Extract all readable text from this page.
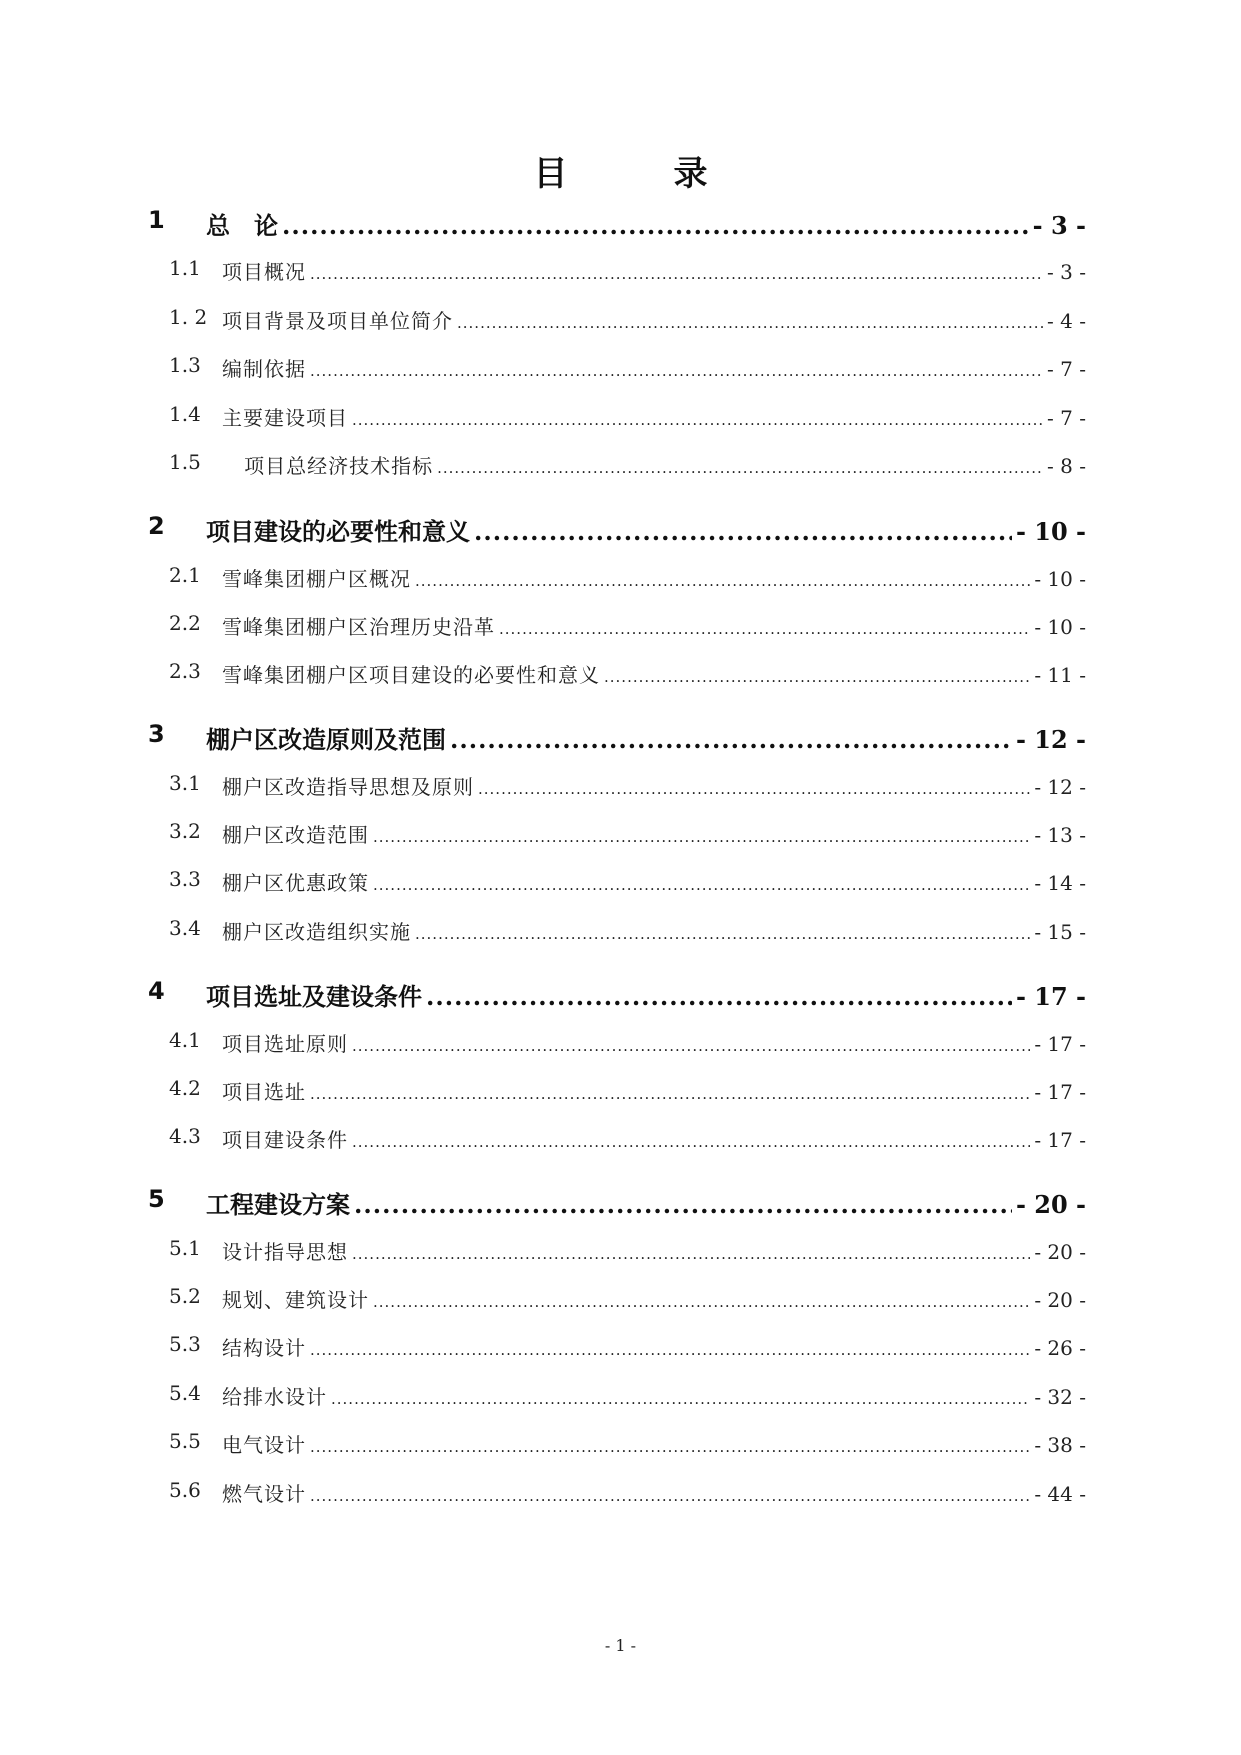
目　录
1 总　论 .....	- 3 -
1.1 项目概况 .....	- 3 -
1. 2 项目背景及项目单位简介 .....	- 4 -
1.3 编制依据 .....	- 7 -
1.4 主要建设项目 .....	- 7 -
1.5 项目总经济技术指标 .....	- 8 -
2 项目建设的必要性和意义 .....	- 10 -
2.1 雪峰集团棚户区概况 .....	- 10 -
2.2 雪峰集团棚户区治理历史沿革 .....	- 10 -
2.3 雪峰集团棚户区项目建设的必要性和意义 .....	- 11 -
3 棚户区改造原则及范围 .....	- 12 -
3.1 棚户区改造指导思想及原则 .....	- 12 -
3.2 棚户区改造范围 .....	- 13 -
3.3 棚户区优惠政策 .....	- 14 -
3.4 棚户区改造组织实施 .....	- 15 -
4 项目选址及建设条件 .....	- 17 -
4.1 项目选址原则 .....	- 17 -
4.2 项目选址 .....	- 17 -
4.3 项目建设条件 .....	- 17 -
5 工程建设方案 .....	- 20 -
5.1 设计指导思想 .....	- 20 -
5.2 规划、建筑设计 .....	- 20 -
5.3 结构设计 .....	- 26 -
5.4 给排水设计 .....	- 32 -
5.5 电气设计 .....	- 38 -
5.6 燃气设计 .....	- 44 -
- 1 -
